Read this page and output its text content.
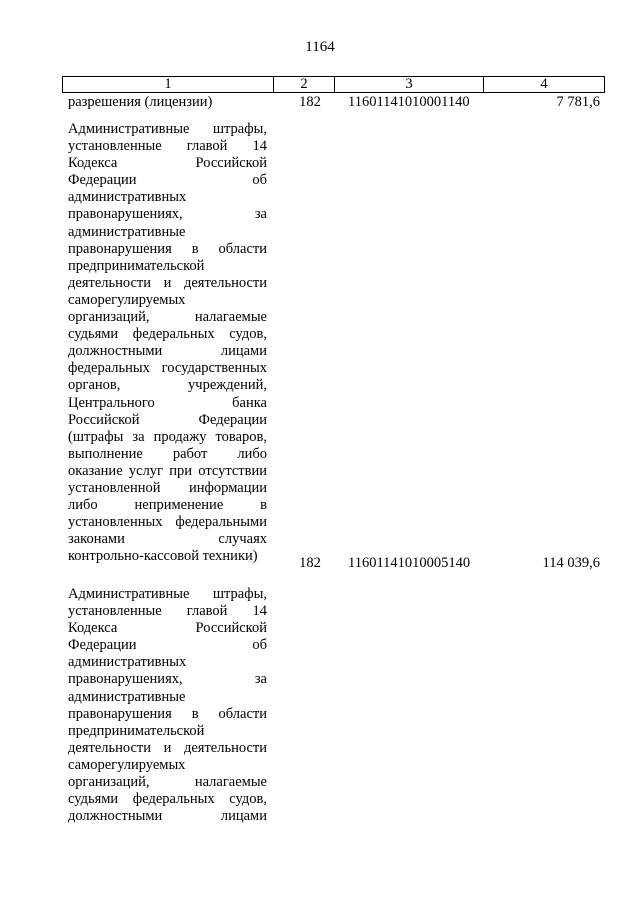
1164
1	2	3	4
разрешения (лицензии)	182	11601141010001140	7 781,6
Административные штрафы,
установленные главой 14
Кодекса Российской
Федерации об
административных
правонарушениях, за
административные
правонарушения в области
предпринимательской
деятельности и деятельности
саморегулируемых
организаций, налагаемые
судьями федеральных судов,
должностными лицами
федеральных государственных
органов, учреждений,
Центрального банка
Российской Федерации
(штрафы за продажу товаров,
выполнение работ либо
оказание услуг при отсутствии
установленной информации
либо неприменение в
установленных федеральными
законами случаях
контрольно-кассовой техники)	182	11601141010005140	114 039,6
Административные штрафы,
установленные главой 14
Кодекса Российской
Федерации об
административных
правонарушениях, за
административные
правонарушения в области
предпринимательской
деятельности и деятельности
саморегулируемых
организаций, налагаемые
судьями федеральных судов,
должностными лицами
